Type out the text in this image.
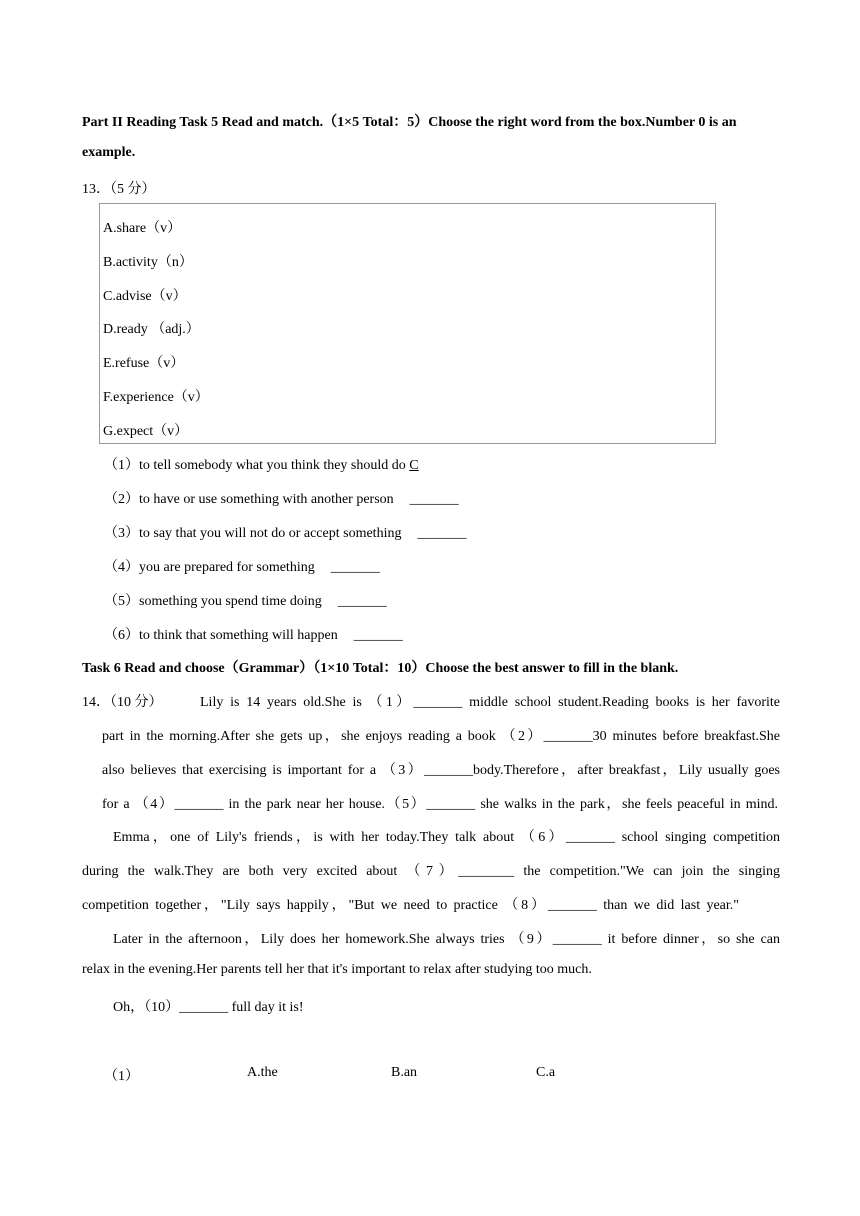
Part II Reading Task 5 Read and match.（1×5 Total：5）Choose the right word from the box.Number 0 is an
example.
13．（5 分）
A.share（v）
B.activity（n）
C.advise（v）
D.ready （adj.）
E.refuse（v）
F.experience（v）
G.expect（v）
（1）to tell somebody what you think they should do C
（2）to have or use something with another person _______
（3）to say that you will not do or accept something _______
（4）you are prepared for something _______
（5）something you spend time doing _______
（6）to think that something will happen _______
Task 6 Read and choose（Grammar）（1×10 Total：10）Choose the best answer to fill in the blank.
14．（10 分）	Lily is 14 years old.She is （1）_______ middle school student.Reading books is her favorite
part in the morning.After she gets up，she enjoys reading a book （2）_______30 minutes before breakfast.She
also believes that exercising is important for a （3）_______body.Therefore，after breakfast，Lily usually goes
for a （4）_______ in the park near her house.（5）_______ she walks in the park，she feels peaceful in mind.
Emma，one of Lily's friends，is with her today.They talk about （6）_______ school singing competition
during the walk.They are both very excited about （7）________ the competition."We can join the singing
competition together，"Lily says happily，"But we need to practice （8）_______ than we did last year."
Later in the afternoon，Lily does her homework.She always tries （9）_______ it before dinner，so she can
relax in the evening.Her parents tell her that it's important to relax after studying too much.
Oh，（10）_______ full day it is!
（1）	A.the	B.an	C.a
